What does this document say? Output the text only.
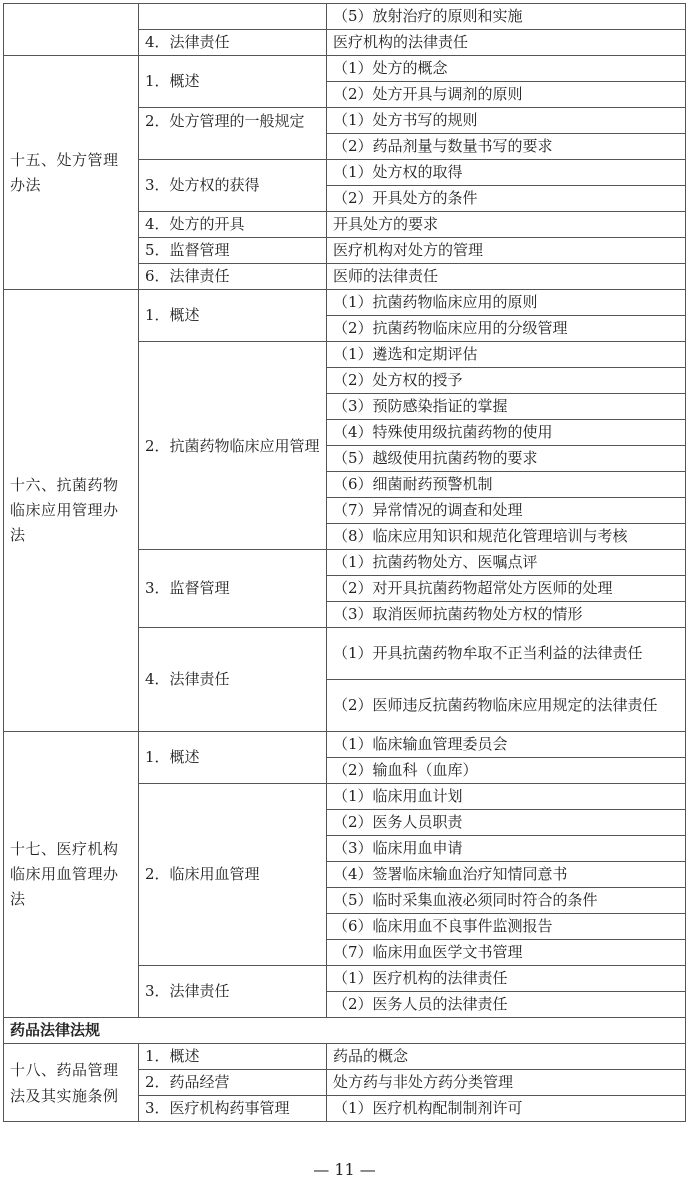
		（5）放射治疗的原则和实施
	4．法律责任	医疗机构的法律责任
十五、处方管理办法	1．概述	（1）处方的概念
		（2）处方开具与调剂的原则
	2．处方管理的一般规定	（1）处方书写的规则
		（2）药品剂量与数量书写的要求
	3．处方权的获得	（1）处方权的取得
		（2）开具处方的条件
	4．处方的开具	开具处方的要求
	5．监督管理	医疗机构对处方的管理
	6．法律责任	医师的法律责任
十六、抗菌药物临床应用管理办法	1．概述	（1）抗菌药物临床应用的原则
		（2）抗菌药物临床应用的分级管理
	2．抗菌药物临床应用管理	（1）遴选和定期评估
		（2）处方权的授予
		（3）预防感染指证的掌握
		（4）特殊使用级抗菌药物的使用
		（5）越级使用抗菌药物的要求
		（6）细菌耐药预警机制
		（7）异常情况的调查和处理
		（8）临床应用知识和规范化管理培训与考核
	3．监督管理	（1）抗菌药物处方、医嘱点评
		（2）对开具抗菌药物超常处方医师的处理
		（3）取消医师抗菌药物处方权的情形
	4．法律责任	（1）开具抗菌药物牟取不正当利益的法律责任
		（2）医师违反抗菌药物临床应用规定的法律责任
十七、医疗机构临床用血管理办法	1．概述	（1）临床输血管理委员会
		（2）输血科（血库）
	2．临床用血管理	（1）临床用血计划
		（2）医务人员职责
		（3）临床用血申请
		（4）签署临床输血治疗知情同意书
		（5）临时采集血液必须同时符合的条件
		（6）临床用血不良事件监测报告
		（7）临床用血医学文书管理
	3．法律责任	（1）医疗机构的法律责任
		（2）医务人员的法律责任
药品法律法规		
十八、药品管理法及其实施条例	1．概述	药品的概念
	2．药品经营	处方药与非处方药分类管理
	3．医疗机构药事管理	（1）医疗机构配制制剂许可
— 11 —
